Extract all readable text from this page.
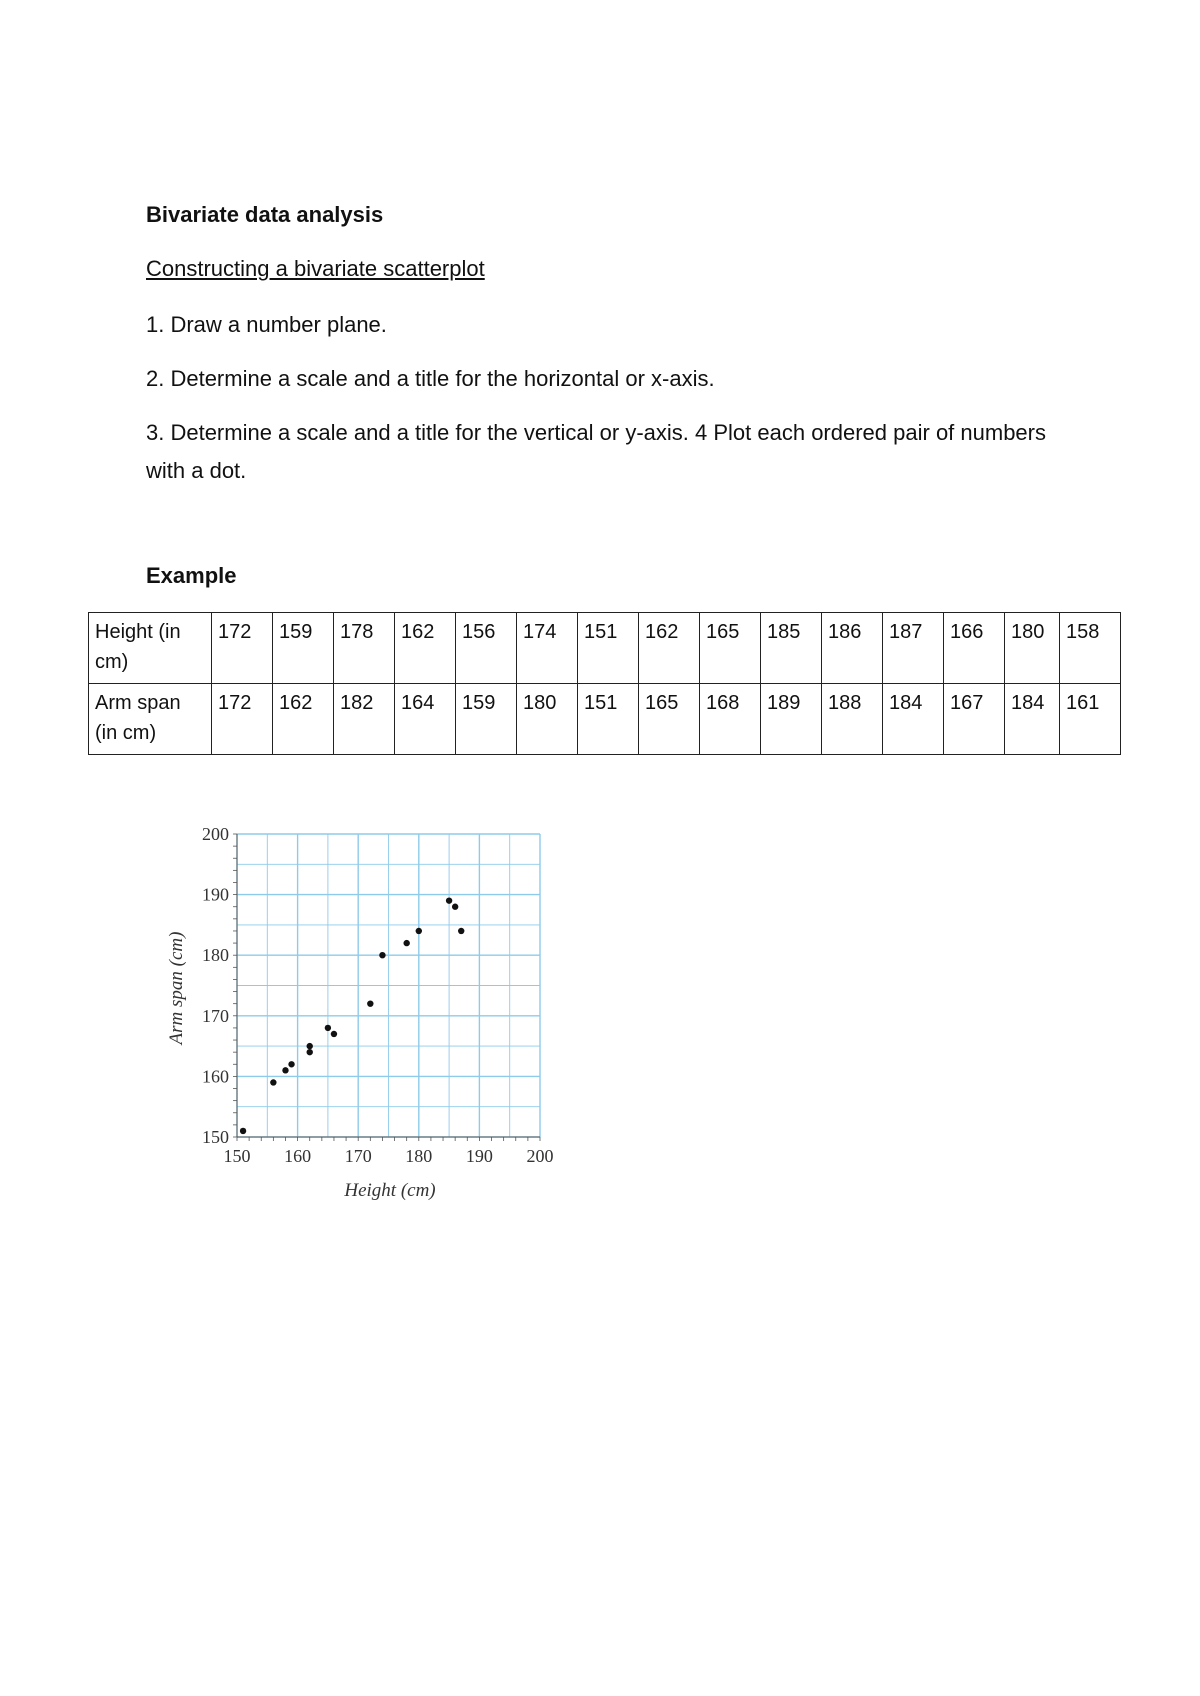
Bivariate data analysis
Constructing a bivariate scatterplot
1. Draw a number plane.
2. Determine a scale and a title for the horizontal or x-axis.
3. Determine a scale and a title for the vertical or y-axis. 4 Plot each ordered pair of numbers with a dot.
Example
Height (in cm)	172	159	178	162	156	174	151	162	165	185	186	187	166	180	158
Arm span (in cm)	172	162	182	164	159	180	151	165	168	189	188	184	167	184	161
150 160 170 180 190 200
150
160
170
180
190
200
Height (cm)
Arm span (cm)
